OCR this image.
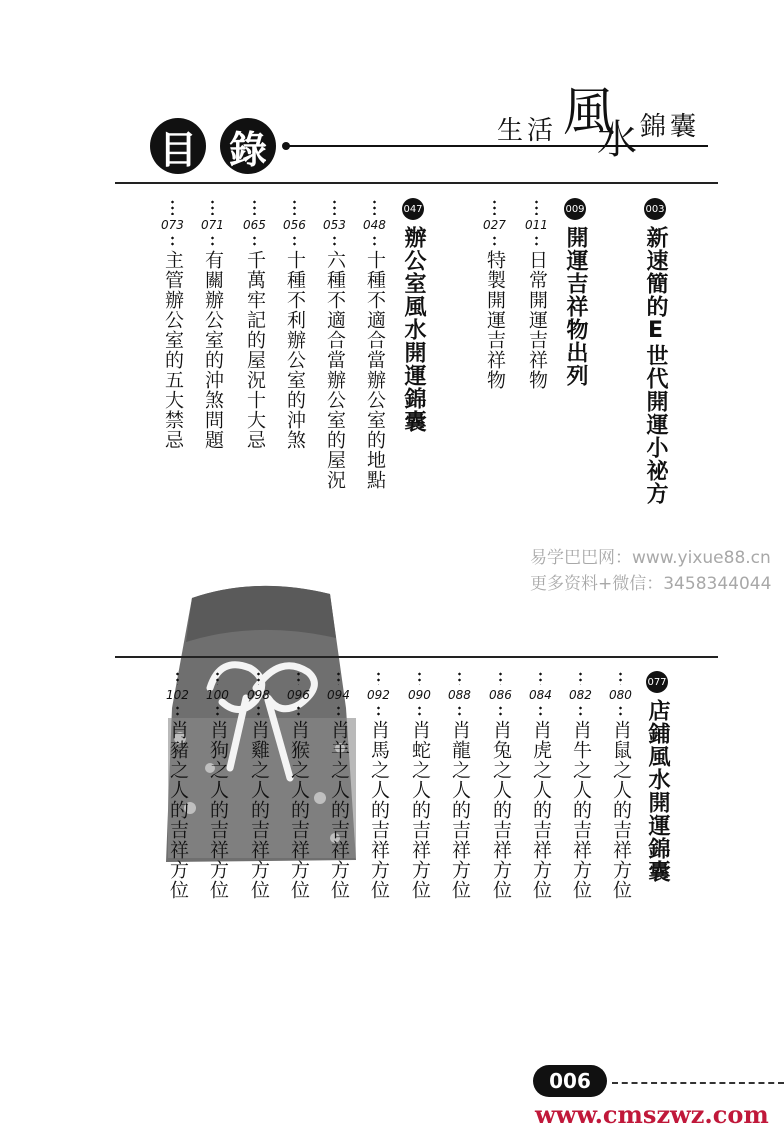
目 錄	生活 風
水 錦囊
003
新速簡的E世代開運小祕方
009
開運吉祥物出列
011
日常開運吉祥物
027
特製開運吉祥物
047
辦公室風水開運錦囊
048
十種不適合當辦公室的地點
053
六種不適合當辦公室的屋況
056
十種不利辦公室的沖煞
065
千萬牢記的屋況十大忌
071
有關辦公室的沖煞問題
073
主管辦公室的五大禁忌
易学巴巴网：www.yixue88.cn
更多资料+微信：3458344044
077
店鋪風水開運錦囊
080
肖鼠之人的吉祥方位
082
肖牛之人的吉祥方位
084
肖虎之人的吉祥方位
086
肖兔之人的吉祥方位
088
肖龍之人的吉祥方位
090
肖蛇之人的吉祥方位
092
肖馬之人的吉祥方位
094
肖羊之人的吉祥方位
096
肖猴之人的吉祥方位
098
肖雞之人的吉祥方位
100
肖狗之人的吉祥方位
102
肖豬之人的吉祥方位
006
www.cmszwz.com
